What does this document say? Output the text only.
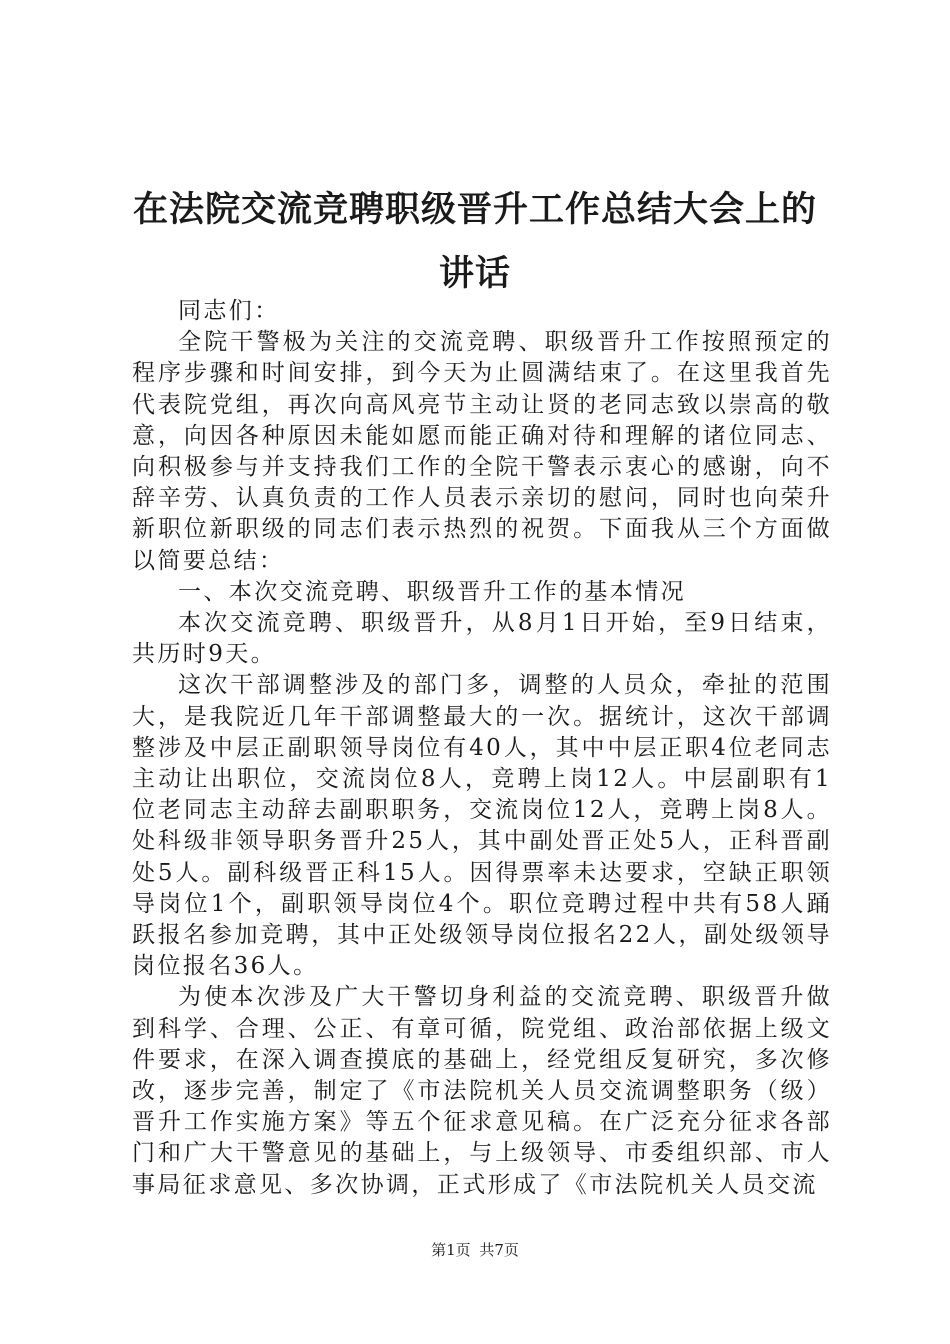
在法院交流竞聘职级晋升工作总结大会上的讲话

同志们：

全院干警极为关注的交流竞聘、职级晋升工作按照预定的程序步骤和时间安排，到今天为止圆满结束了。在这里我首先代表院党组，再次向高风亮节主动让贤的老同志致以崇高的敬意，向因各种原因未能如愿而能正确对待和理解的诸位同志、向积极参与并支持我们工作的全院干警表示衷心的感谢，向不辞辛劳、认真负责的工作人员表示亲切的慰问，同时也向荣升新职位新职级的同志们表示热烈的祝贺。下面我从三个方面做以简要总结：

一、本次交流竞聘、职级晋升工作的基本情况

本次交流竞聘、职级晋升，从8月1日开始，至9日结束，共历时9天。

这次干部调整涉及的部门多，调整的人员众，牵扯的范围大，是我院近几年干部调整最大的一次。据统计，这次干部调整涉及中层正副职领导岗位有40人，其中中层正职4位老同志主动让出职位，交流岗位8人，竞聘上岗12人。中层副职有1位老同志主动辞去副职职务，交流岗位12人，竞聘上岗8人。处科级非领导职务晋升25人，其中副处晋正处5人，正科晋副处5人。副科级晋正科15人。因得票率未达要求，空缺正职领导岗位1个，副职领导岗位4个。职位竞聘过程中共有58人踊跃报名参加竞聘，其中正处级领导岗位报名22人，副处级领导岗位报名36人。

为使本次涉及广大干警切身利益的交流竞聘、职级晋升做到科学、合理、公正、有章可循，院党组、政治部依据上级文件要求，在深入调查摸底的基础上，经党组反复研究，多次修改，逐步完善，制定了《市法院机关人员交流调整职务（级）晋升工作实施方案》等五个征求意见稿。在广泛充分征求各部门和广大干警意见的基础上，与上级领导、市委组织部、市人事局征求意见、多次协调，正式形成了《市法院机关人员交流

第1页 共7页
